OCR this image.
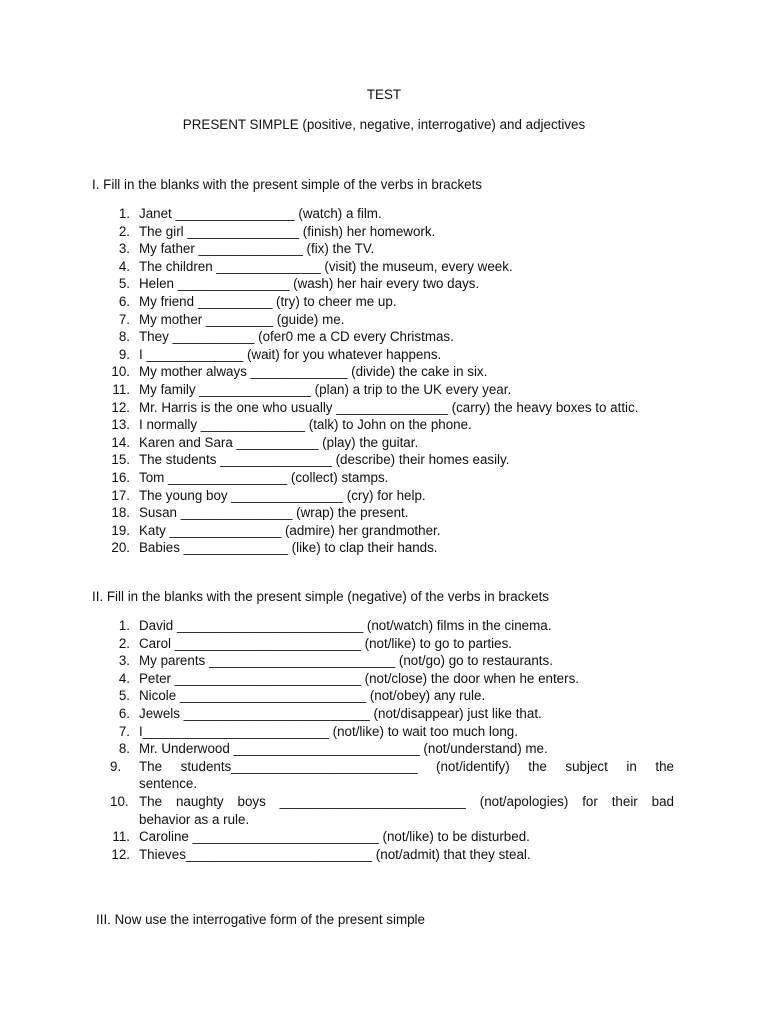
TEST
PRESENT SIMPLE (positive, negative, interrogative) and adjectives
I. Fill in the blanks with the present simple of the verbs in brackets
1. Janet ________________ (watch) a film.
2. The girl _______________ (finish) her homework.
3. My father ______________ (fix) the TV.
4. The children ______________ (visit) the museum, every week.
5. Helen _______________ (wash) her hair every two days.
6. My friend __________ (try) to cheer me up.
7. My mother _________ (guide) me.
8. They ___________ (ofer0 me a CD every Christmas.
9. I _____________ (wait) for you whatever happens.
10. My mother always _____________ (divide) the cake in six.
11. My family _______________ (plan) a trip to the UK every year.
12. Mr. Harris is the one who usually _______________ (carry) the heavy boxes to attic.
13. I normally ______________ (talk) to John on the phone.
14. Karen and Sara ___________ (play) the guitar.
15. The students _______________ (describe) their homes easily.
16. Tom ________________ (collect) stamps.
17. The young boy _______________ (cry) for help.
18. Susan _______________ (wrap) the present.
19. Katy _______________ (admire) her grandmother.
20. Babies ______________ (like) to clap their hands.
II. Fill in the blanks with the present simple (negative) of the verbs in brackets
1. David _________________________ (not/watch) films in the cinema.
2. Carol _________________________ (not/like) to go to parties.
3. My parents _________________________ (not/go) go to restaurants.
4. Peter _________________________ (not/close) the door when he enters.
5. Nicole _________________________ (not/obey) any rule.
6. Jewels _________________________ (not/disappear) just like that.
7. I_________________________ (not/like) to wait too much long.
8. Mr. Underwood _________________________ (not/understand) me.
9.	The students_________________________ (not/identify) the subject in the
sentence.
10. The naughty boys _________________________ (not/apologies) for their bad
behavior as a rule.
11. Caroline _________________________ (not/like) to be disturbed.
12. Thieves_________________________ (not/admit) that they steal.
III. Now use the interrogative form of the present simple
